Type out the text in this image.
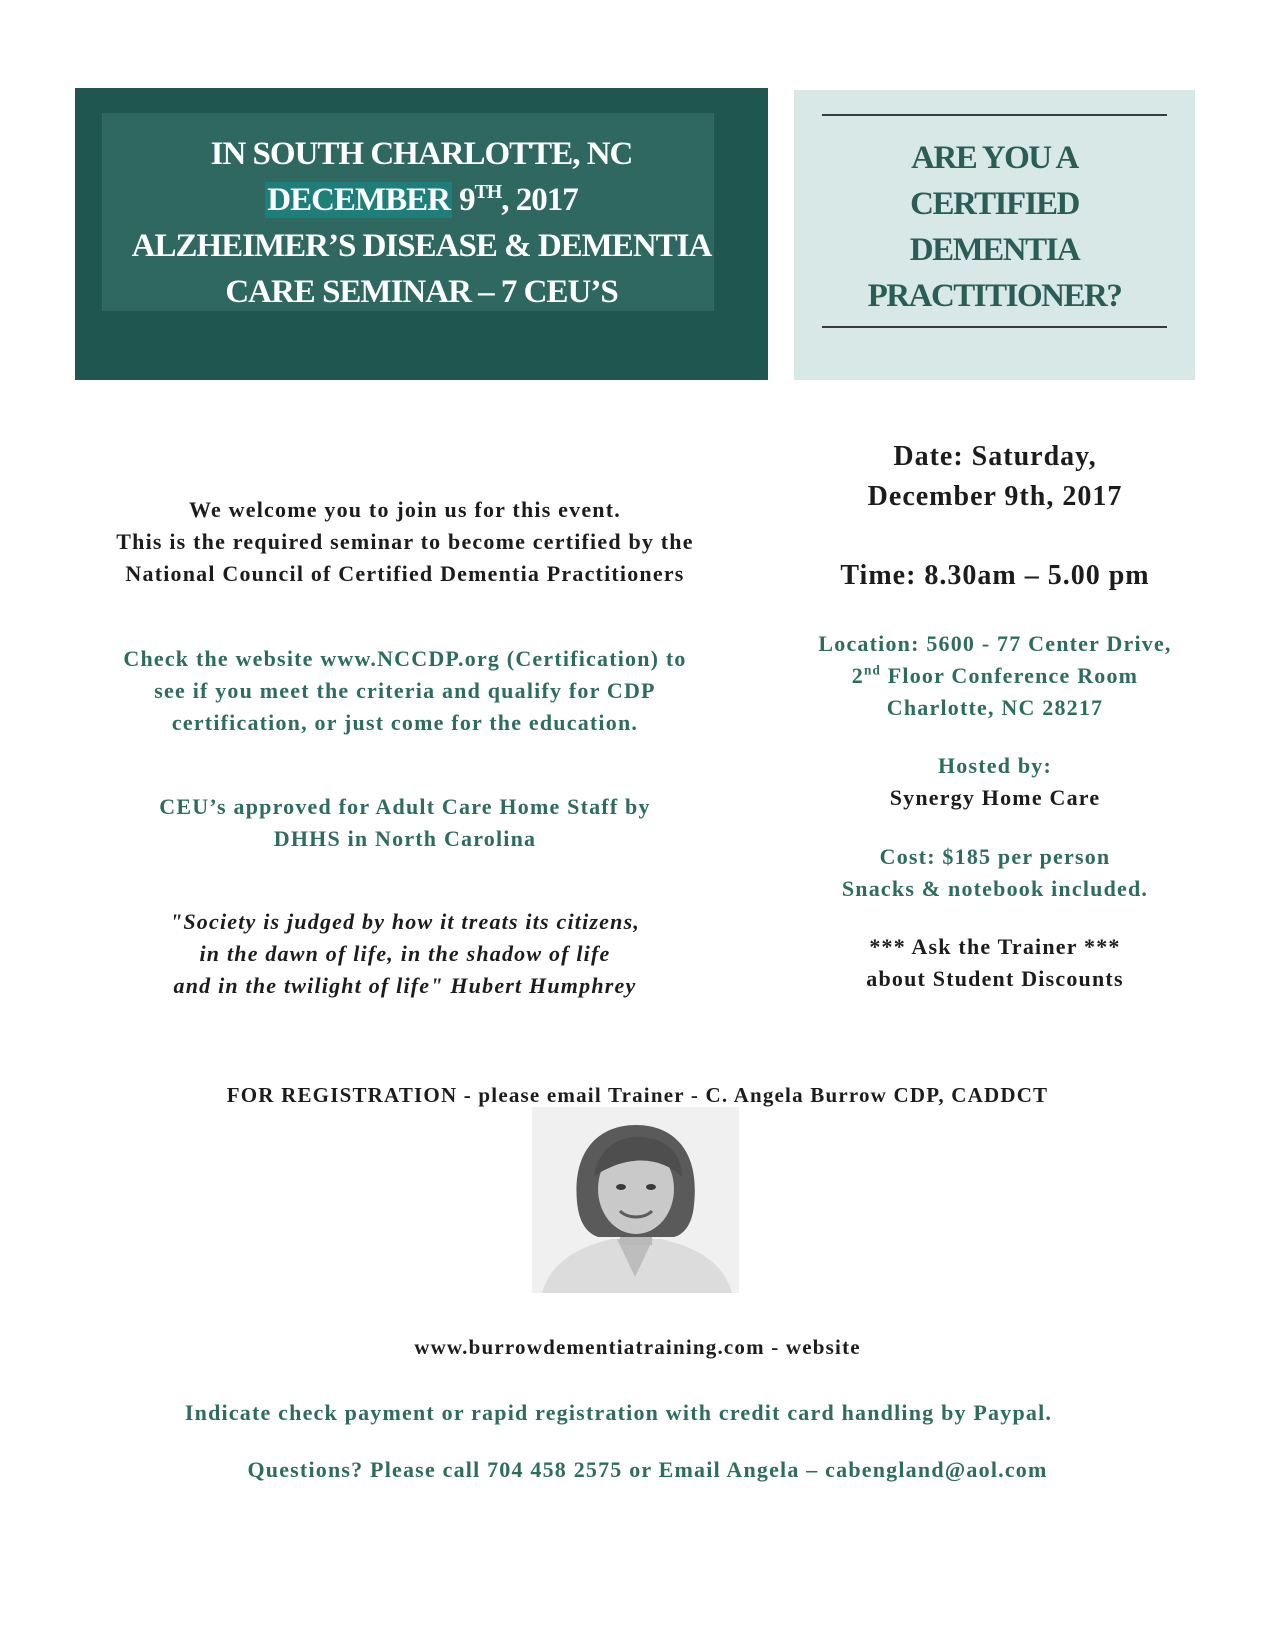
IN SOUTH CHARLOTTE, NC
DECEMBER 9TH, 2017
ALZHEIMER’S DISEASE & DEMENTIA
CARE SEMINAR – 7 CEU’S
ARE YOU A
CERTIFIED
DEMENTIA
PRACTITIONER?
We welcome you to join us for this event.
This is the required seminar to become certified by the
National Council of Certified Dementia Practitioners
Check the website www.NCCDP.org (Certification) to
see if you meet the criteria and qualify for CDP
certification, or just come for the education.
CEU’s approved for Adult Care Home Staff by
DHHS in North Carolina
"Society is judged by how it treats its citizens,
in the dawn of life, in the shadow of life
and in the twilight of life" Hubert Humphrey
Date: Saturday,
December 9th, 2017
Time: 8.30am – 5.00 pm
Location: 5600 - 77 Center Drive,
2nd Floor Conference Room
Charlotte, NC 28217
Hosted by:
Synergy Home Care
Cost: $185 per person
Snacks & notebook included.
*** Ask the Trainer ***
about Student Discounts
FOR REGISTRATION - please email Trainer - C. Angela Burrow CDP, CADDCT
www.burrowdementiatraining.com - website
Indicate check payment or rapid registration with credit card handling by Paypal.
Questions? Please call 704 458 2575 or Email Angela – cabengland@aol.com
